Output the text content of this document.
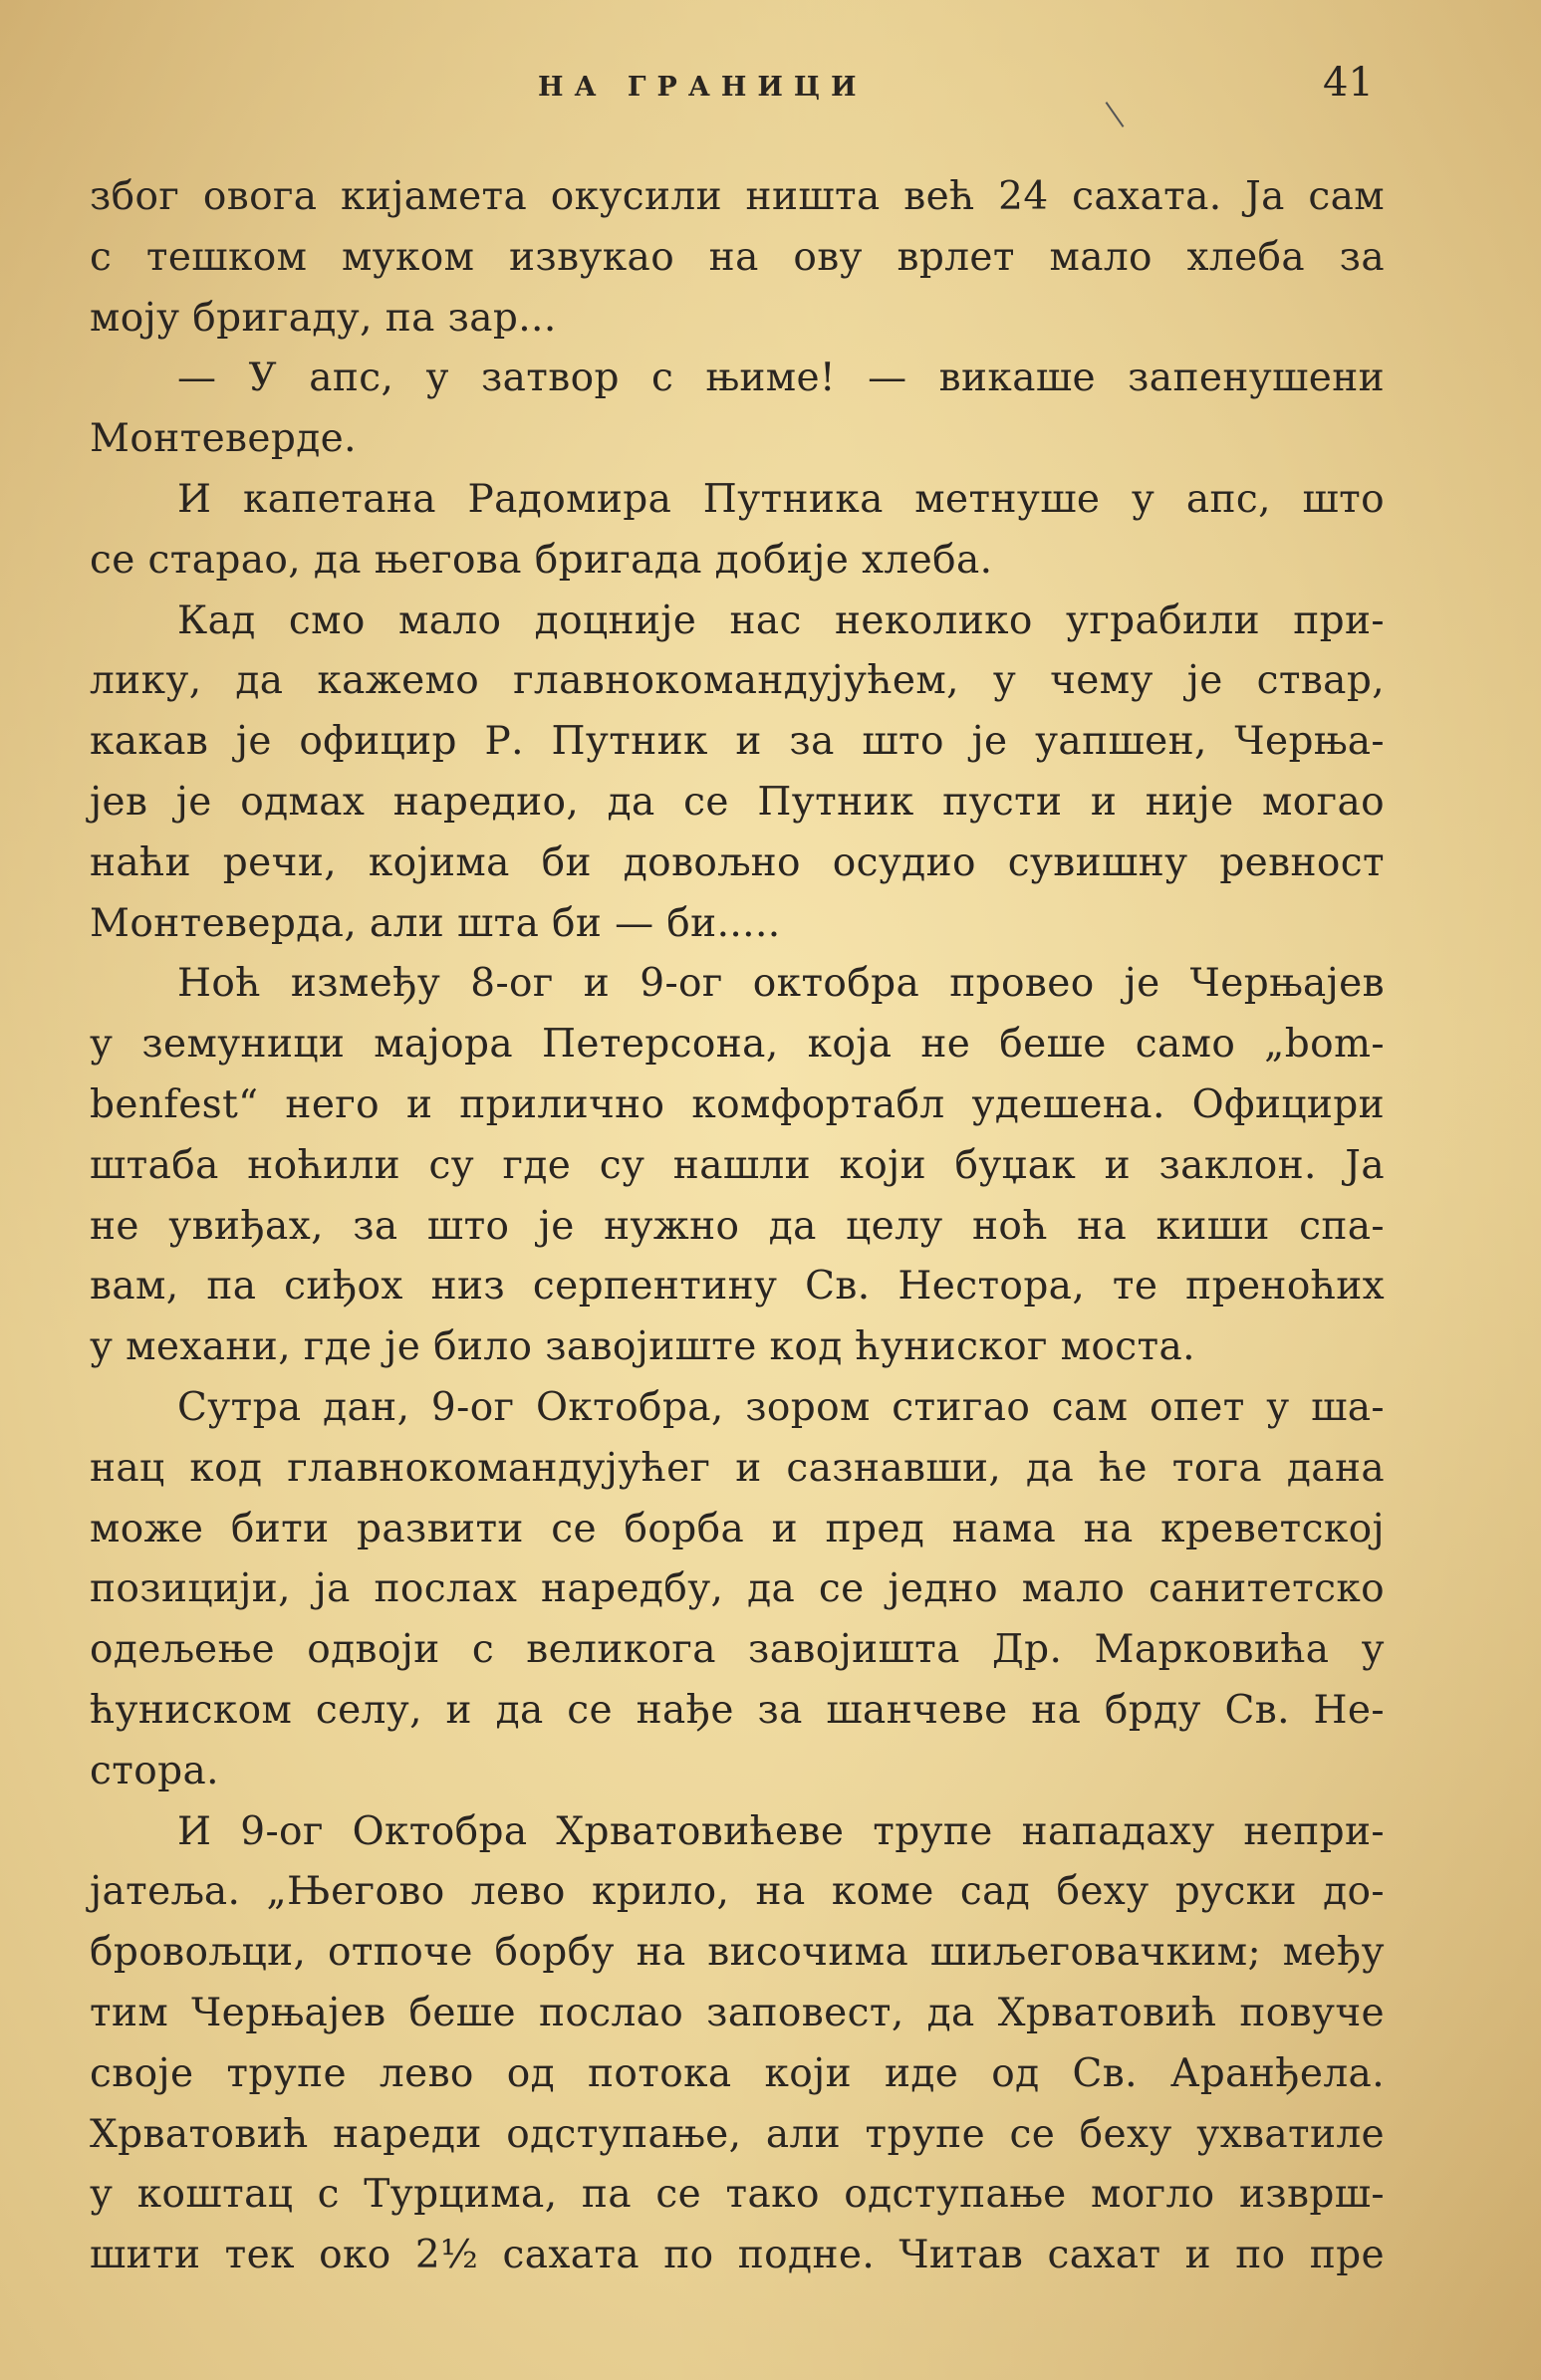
НА ГРАНИЦИ	41
због овога кијамета окусили ништа већ 24 сахата. Ја сам
с тешком муком извукао на ову врлет мало хлеба за
моју бригаду, па зар...
— У апс, у затвор с њиме! — викаше запенушени
Монтеверде.
И капетана Радомира Путника метнуше у апс, што
се старао, да његова бригада добије хлеба.
Кад смо мало доцније нас неколико уграбили при-
лику, да кажемо главнокомандујућем, у чему је ствар,
какав је официр Р. Путник и за што је уапшен, Черња-
јев је одмах наредио, да се Путник пусти и није могао
наћи речи, којима би довољно осудио сувишну ревност
Монтеверда, али шта би — би.....
Ноћ између 8-ог и 9-ог октобра провео је Черњајев
у земуници мајора Петерсона, која не беше само „bom-
benfest“ него и прилично комфортабл удешена. Официри
штаба ноћили су где су нашли који буџак и заклон. Ја
не увиђах, за што је нужно да целу ноћ на киши спа-
вам, па сиђох низ серпентину Св. Нестора, те преноћих
у механи, где је било завојиште код ћуниског моста.
Сутра дан, 9-ог Октобра, зором стигао сам опет у ша-
нац код главнокомандујућег и сазнавши, да ће тога дана
може бити развити се борба и пред нама на креветској
позицији, ја послах наредбу, да се једно мало санитетско
одељење одвоји с великога завојишта Др. Марковића у
ћуниском селу, и да се нађе за шанчеве на брду Св. Не-
стора.
И 9-ог Октобра Хрватовићеве трупе нападаху непри-
јатеља. „Његово лево крило, на коме сад беху руски до-
бровољци, отпоче борбу на височима шиљеговачким; међу
тим Черњајев беше послао заповест, да Хрватовић повуче
своје трупе лево од потока који иде од Св. Аранђела.
Хрватовић нареди одступање, али трупе се беху ухватиле
у коштац с Турцима, па се тако одступање могло изврш-
шити тек око 2½ сахата по подне. Читав сахат и по пре
